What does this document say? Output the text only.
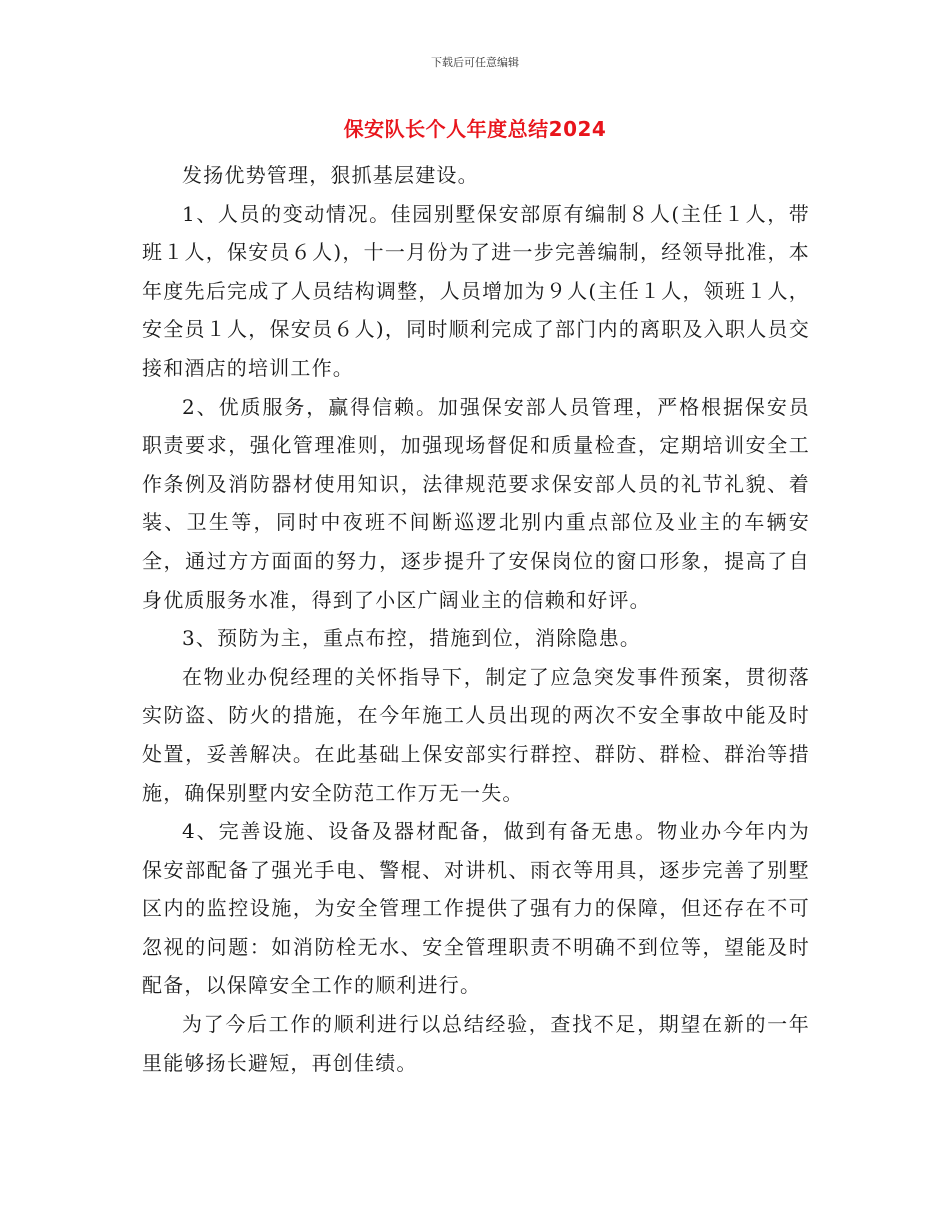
下载后可任意编辑
保安队长个人年度总结2024

发扬优势管理，狠抓基层建设。

1、人员的变动情况。佳园别墅保安部原有编制８人(主任１人，带班１人，保安员６人)，十一月份为了进一步完善编制，经领导批准，本年度先后完成了人员结构调整，人员增加为９人(主任１人，领班１人，安全员１人，保安员６人)，同时顺利完成了部门内的离职及入职人员交接和酒店的培训工作。

2、优质服务，赢得信赖。加强保安部人员管理，严格根据保安员职责要求，强化管理准则，加强现场督促和质量检查，定期培训安全工作条例及消防器材使用知识，法律规范要求保安部人员的礼节礼貌、着装、卫生等，同时中夜班不间断巡逻北别内重点部位及业主的车辆安全，通过方方面面的努力，逐步提升了安保岗位的窗口形象，提高了自身优质服务水准，得到了小区广阔业主的信赖和好评。

3、预防为主，重点布控，措施到位，消除隐患。

在物业办倪经理的关怀指导下，制定了应急突发事件预案，贯彻落实防盗、防火的措施，在今年施工人员出现的两次不安全事故中能及时处置，妥善解决。在此基础上保安部实行群控、群防、群检、群治等措施，确保别墅内安全防范工作万无一失。

4、完善设施、设备及器材配备，做到有备无患。物业办今年内为保安部配备了强光手电、警棍、对讲机、雨衣等用具，逐步完善了别墅区内的监控设施，为安全管理工作提供了强有力的保障，但还存在不可忽视的问题：如消防栓无水、安全管理职责不明确不到位等，望能及时配备，以保障安全工作的顺利进行。

为了今后工作的顺利进行以总结经验，查找不足，期望在新的一年里能够扬长避短，再创佳绩。
